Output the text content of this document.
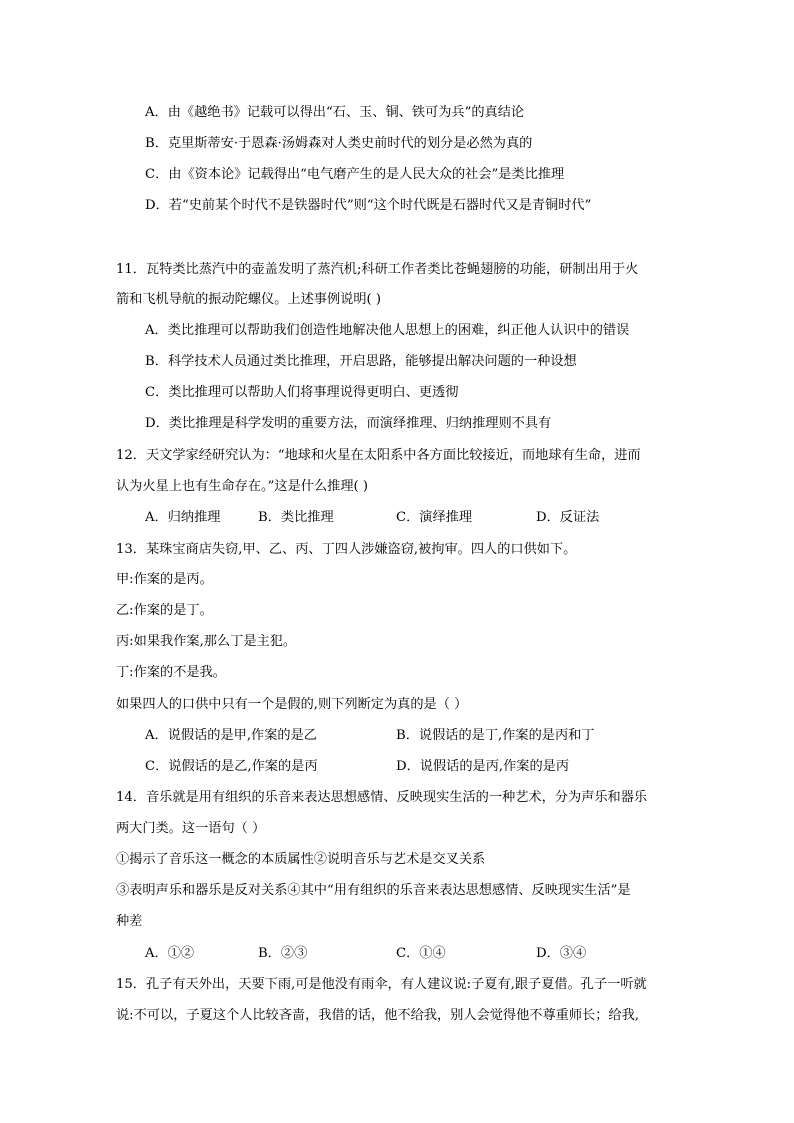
A．由《越绝书》记载可以得出“石、玉、铜、铁可为兵”的真结论
B．克里斯蒂安·于恩森·汤姆森对人类史前时代的划分是必然为真的
C．由《资本论》记载得出“电气磨产生的是人民大众的社会”是类比推理
D．若“史前某个时代不是铁器时代”则“这个时代既是石器时代又是青铜时代”
11．瓦特类比蒸汽中的壶盖发明了蒸汽机;科研工作者类比苍蝇翅膀的功能，研制出用于火
箭和飞机导航的振动陀螺仪。上述事例说明( )
A．类比推理可以帮助我们创造性地解决他人思想上的困难，纠正他人认识中的错误
B．科学技术人员通过类比推理，开启思路，能够提出解决问题的一种设想
C．类比推理可以帮助人们将事理说得更明白、更透彻
D．类比推理是科学发明的重要方法，而演绎推理、归纳推理则不具有
12．天文学家经研究认为：“地球和火星在太阳系中各方面比较接近，而地球有生命，进而
认为火星上也有生命存在。”这是什么推理( )
A．归纳推理	B．类比推理	C．演绎推理	D．反证法
13．某珠宝商店失窃,甲、乙、丙、丁四人涉嫌盗窃,被拘审。四人的口供如下。
甲:作案的是丙。
乙:作案的是丁。
丙:如果我作案,那么丁是主犯。
丁:作案的不是我。
如果四人的口供中只有一个是假的,则下列断定为真的是（ ）
A．说假话的是甲,作案的是乙	B．说假话的是丁,作案的是丙和丁
C．说假话的是乙,作案的是丙	D．说假话的是丙,作案的是丙
14．音乐就是用有组织的乐音来表达思想感情、反映现实生活的一种艺术，分为声乐和器乐
两大门类。这一语句（ ）
①揭示了音乐这一概念的本质属性②说明音乐与艺术是交叉关系
③表明声乐和器乐是反对关系④其中“用有组织的乐音来表达思想感情、反映现实生活”是
种差
A．①②	B．②③	C．①④	D．③④
15．孔子有天外出，天要下雨,可是他没有雨伞，有人建议说:子夏有,跟子夏借。孔子一听就
说:不可以，子夏这个人比较吝啬，我借的话，他不给我，别人会觉得他不尊重师长；给我,
